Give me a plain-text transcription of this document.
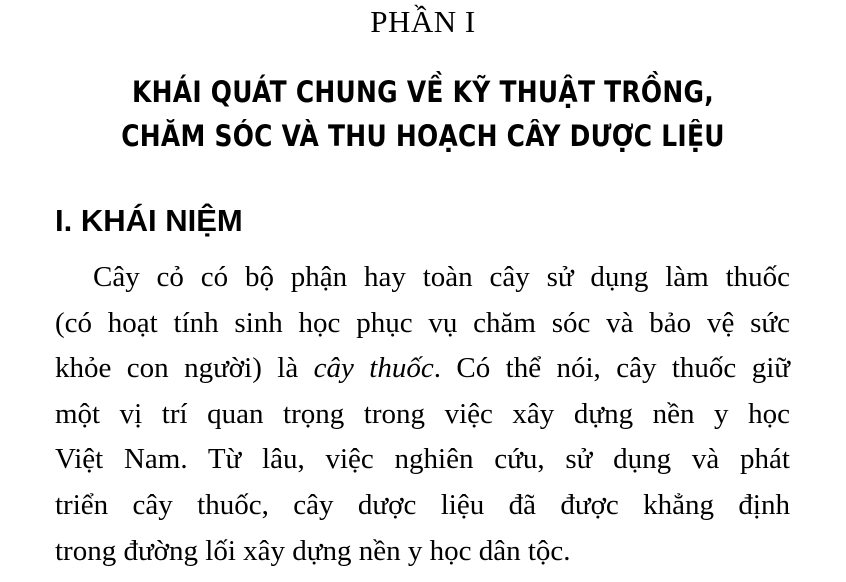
PHẦN I
KHÁI QUÁT CHUNG VỀ KỸ THUẬT TRỒNG,
CHĂM SÓC VÀ THU HOẠCH CÂY DƯỢC LIỆU
I. KHÁI NIỆM
Cây cỏ có bộ phận hay toàn cây sử dụng làm thuốc
(có hoạt tính sinh học phục vụ chăm sóc và bảo vệ sức
khỏe con người) là cây thuốc. Có thể nói, cây thuốc giữ
một vị trí quan trọng trong việc xây dựng nền y học
Việt Nam. Từ lâu, việc nghiên cứu, sử dụng và phát
triển cây thuốc, cây dược liệu đã được khẳng định
trong đường lối xây dựng nền y học dân tộc.
